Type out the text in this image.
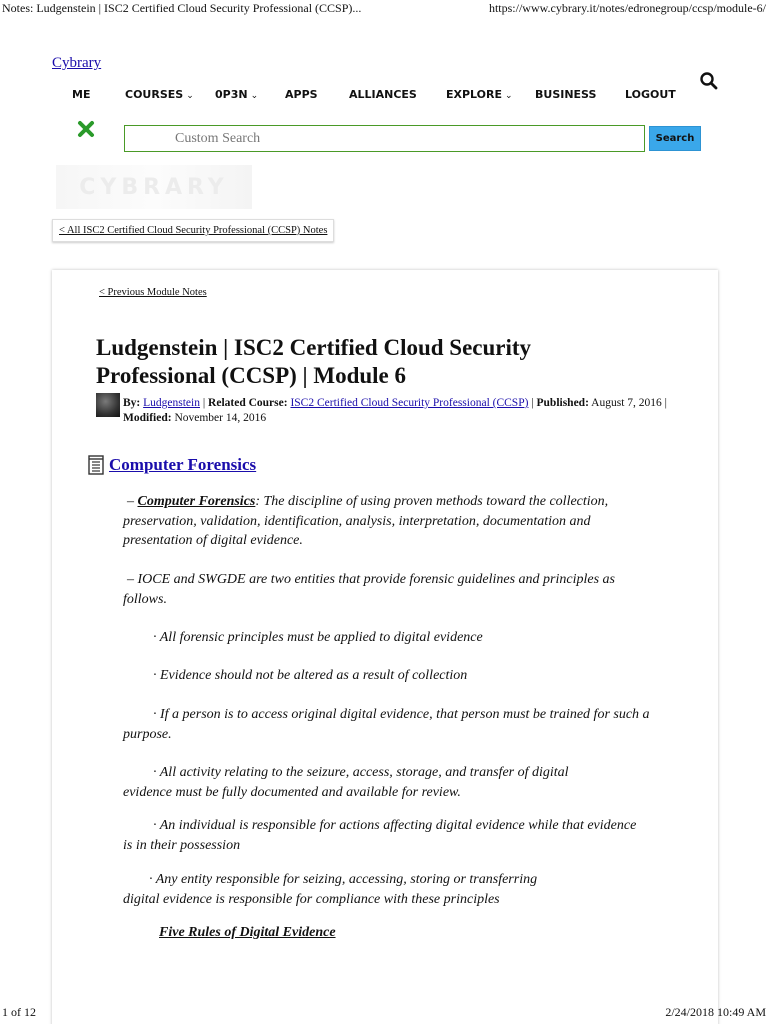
Notes: Ludgenstein | ISC2 Certified Cloud Security Professional (CCSP)...	https://www.cybrary.it/notes/edronegroup/ccsp/module-6/
Cybrary
ME	COURSES ⌄ 0P3N ⌄ APPS	ALLIANCES	EXPLORE ⌄ BUSINESS	LOGOUT
Custom Search
Search
CYBRARY
< All ISC2 Certified Cloud Security Professional (CCSP) Notes
< Previous Module Notes
Ludgenstein | ISC2 Certified Cloud Security Professional (CCSP) | Module 6
By: Ludgenstein | Related Course: ISC2 Certified Cloud Security Professional (CCSP) | Published: August 7, 2016 | Modified: November 14, 2016
Computer Forensics

– Computer Forensics: The discipline of using proven methods toward the collection, preservation, validation, identification, analysis, interpretation, documentation and presentation of digital evidence.

– IOCE and SWGDE are two entities that provide forensic guidelines and principles as follows.

· All forensic principles must be applied to digital evidence

· Evidence should not be altered as a result of collection

· If a person is to access original digital evidence, that person must be trained for such a purpose.

· All activity relating to the seizure, access, storage, and transfer of digital evidence must be fully documented and available for review.

· An individual is responsible for actions affecting digital evidence while that evidence is in their possession

· Any entity responsible for seizing, accessing, storing or transferring digital evidence is responsible for compliance with these principles

Five Rules of Digital Evidence
1 of 12	2/24/2018 10:49 AM
